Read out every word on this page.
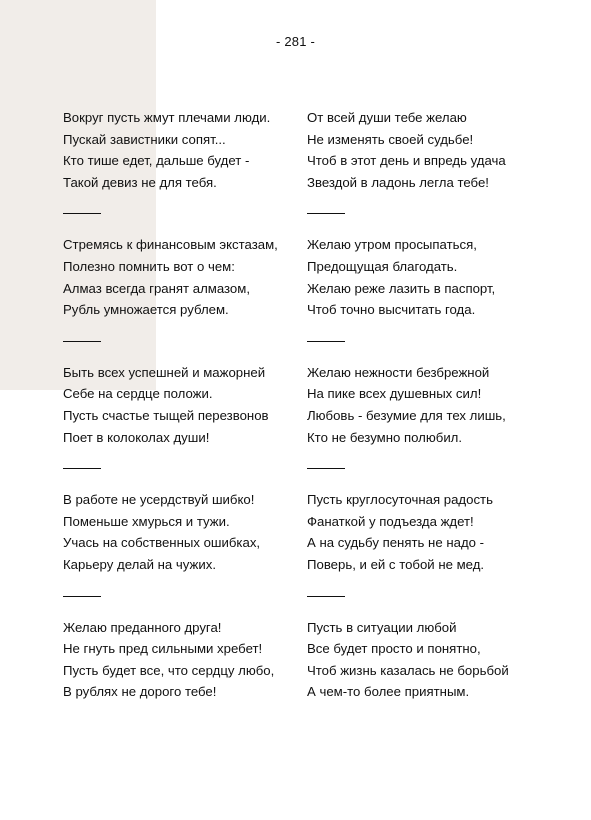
- 281 -
Вокруг пусть жмут плечами люди.
Пускай завистники сопят...
Кто тише едет, дальше будет -
Такой девиз не для тебя.
Стремясь к финансовым экстазам,
Полезно помнить вот о чем:
Алмаз всегда гранят алмазом,
Рубль умножается рублем.
Быть всех успешней и мажорней
Себе на сердце положи.
Пусть счастье тыщей перезвонов
Поет в колоколах души!
В работе не усердствуй шибко!
Поменьше хмурься и тужи.
Учась на собственных ошибках,
Карьеру делай на чужих.
Желаю преданного друга!
Не гнуть пред сильными хребет!
Пусть будет все, что сердцу любо,
В рублях не дорого тебе!
От всей души тебе желаю
Не изменять своей судьбе!
Чтоб в этот день и впредь удача
Звездой в ладонь легла тебе!
Желаю утром просыпаться,
Предощущая благодать.
Желаю реже лазить в паспорт,
Чтоб точно высчитать года.
Желаю нежности безбрежной
На пике всех душевных сил!
Любовь - безумие для тех лишь,
Кто не безумно полюбил.
Пусть круглосуточная радость
Фанаткой у подъезда ждет!
А на судьбу пенять не надо -
Поверь, и ей с тобой не мед.
Пусть в ситуации любой
Все будет просто и понятно,
Чтоб жизнь казалась не борьбой
А чем-то более приятным.
